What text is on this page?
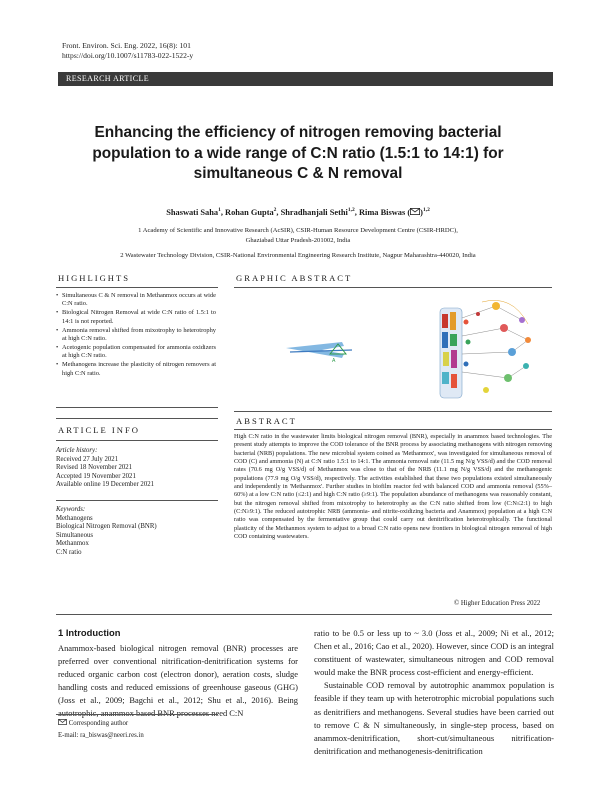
Front. Environ. Sci. Eng. 2022, 16(8): 101
https://doi.org/10.1007/s11783-022-1522-y
RESEARCH ARTICLE
Enhancing the efficiency of nitrogen removing bacterial
population to a wide range of C:N ratio (1.5:1 to 14:1) for
simultaneous C & N removal
Shaswati Saha$^1$, Rohan Gupta$^2$, Shradhanjali Sethi$^{1,2}$, Rima Biswas ( )$^{1,2}$
1 Academy of Scientific and Innovative Research (AcSIR), CSIR-Human Resource Development Centre (CSIR-HRDC),
Ghaziabad Uttar Pradesh-201002, India
2 Wastewater Technology Division, CSIR-National Environmental Engineering Research Institute, Nagpur Maharashtra-440020, India
HIGHLIGHTS
• Simultaneous C & N removal in Methanmox occurs at wide C:N ratio.
• Biological Nitrogen Removal at wide C:N ratio of 1.5:1 to 14:1 is not reported.
• Ammonia removal shifted from mixotrophy to heterotrophy at high C:N ratio.
• Acetogenic population compensated for ammonia oxidizers at high C:N ratio.
• Methanogens increase the plasticity of nitrogen removers at high C:N ratio.
GRAPHIC ABSTRACT
A
ARTICLE INFO
Article history:
Received 27 July 2021
Revised 18 November 2021
Accepted 19 November 2021
Available online 19 December 2021
Keywords:
Methanogens
Biological Nitrogen Removal (BNR)
Simultaneous
Methanmox
C:N ratio
ABSTRACT
High C:N ratio in the wastewater limits biological nitrogen removal (BNR), especially in anammox based technologies. The present study attempts to improve the COD tolerance of the BNR process by associating methanogens with nitrogen removing bacterial (NRB) populations. The new microbial system coined as 'Methanmox', was investigated for simultaneous removal of COD (C) and ammonia (N) at C:N ratio 1.5:1 to 14:1. The ammonia removal rate (11.5 mg N/g VSS/d) and the COD removal rates (70.6 mg O/g VSS/d) of Methanmox was close to that of the NRB (11.1 mg N/g VSS/d) and the methanogenic populations (77.9 mg O/g VSS/d), respectively. The activities established that these two populations existed simultaneously and independently in 'Methanmox'. Further studies in biofilm reactor fed with balanced COD and ammonia removal (55%–60%) at a low C:N ratio (≤2:1) and high C:N ratio (≥9:1). The population abundance of methanogens was reasonably constant, but the nitrogen removal shifted from mixotrophy to heterotrophy as the C:N ratio shifted from low (C:N≤2:1) to high (C:N≥9:1). The reduced autotrophic NRB (ammonia- and nitrite-oxidizing bacteria and Anammox) population at a high C:N ratio was compensated by the fermentative group that could carry out denitrification heterotrophically. The functional plasticity of the Methanmox system to adjust to a broad C:N ratio opens new frontiers in biological nitrogen removal of high COD containing wastewaters.
© Higher Education Press 2022
1 Introduction

Anammox-based biological nitrogen removal (BNR) processes are preferred over conventional nitrification-denitrification systems for reduced organic carbon cost (electron donor), aeration costs, sludge handling costs and reduced emissions of greenhouse gaseous (GHG) (Joss et al., 2009; Bagchi et al., 2012; Shu et al., 2016). Being autotrophic, anammox based BNR processes need C:N

ratio to be 0.5 or less up to ~ 3.0 (Joss et al., 2009; Ni et al., 2012; Chen et al., 2016; Cao et al., 2020). However, since COD is an integral constituent of wastewater, simultaneous nitrogen and COD removal would make the BNR process cost-efficient and energy-efficient.

Sustainable COD removal by autotrophic anammox population is feasible if they team up with heterotrophic microbial populations such as denitrifiers and methanogens. Several studies have been carried out to remove C & N simultaneously, in single-step process, based on anammox-denitrification, short-cut/simultaneous nitrification-denitrification and methanogenesis-denitrification

Corresponding author
E-mail: ra_biswas@neeri.res.in
